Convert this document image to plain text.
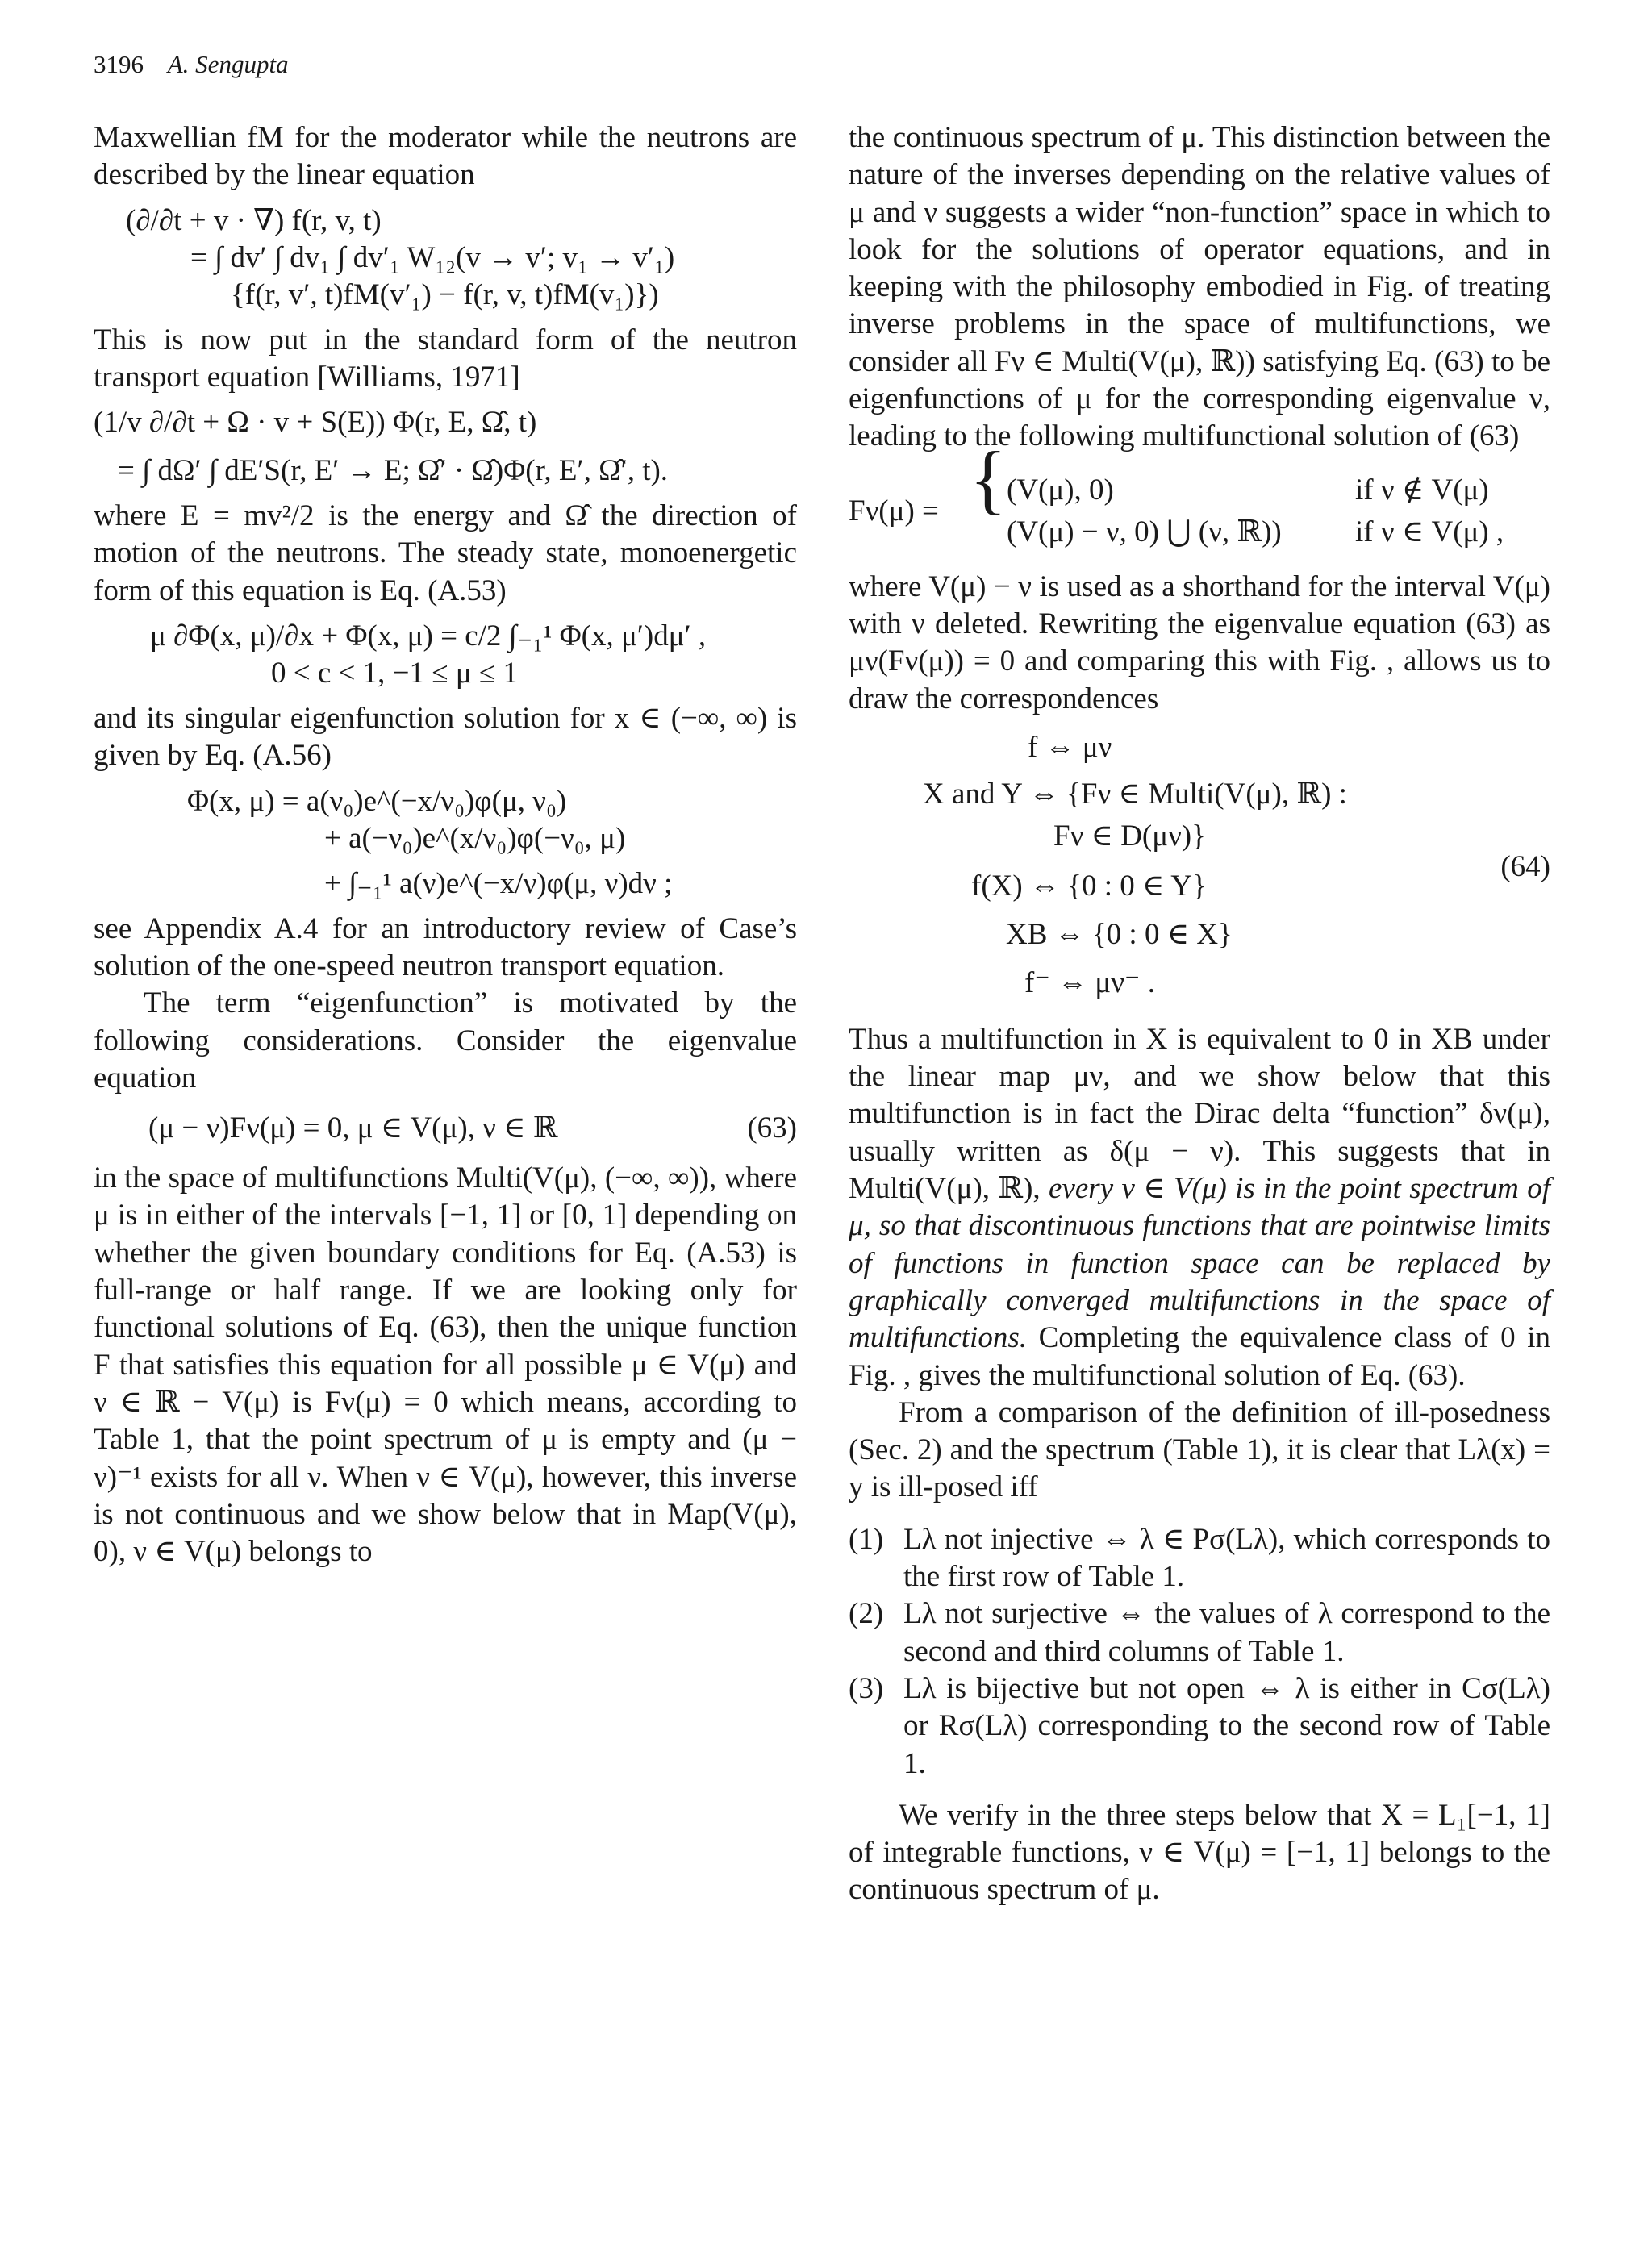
3196 A. Sengupta

Maxwellian fM for the moderator while the neutrons are described by the linear equation

(∂/∂t + v · ∇) f(r, v, t)
= ∫ dv′ ∫ dv₁ ∫ dv′₁ W₁₂(v → v′; v₁ → v′₁)
{f(r, v′, t)fM(v′₁) − f(r, v, t)fM(v₁)})

This is now put in the standard form of the neutron transport equation [Williams, 1971]

(1/v ∂/∂t + Ω · v + S(E)) Φ(r, E, Ω̂, t)
= ∫ dΩ′ ∫ dE′S(r, E′ → E; Ω̂′ · Ω̂)Φ(r, E′, Ω̂′, t).

where E = mv²/2 is the energy and Ω̂ the direction of motion of the neutrons. The steady state, monoenergetic form of this equation is Eq. (A.53)

μ ∂Φ(x, μ)/∂x + Φ(x, μ) = c/2 ∫₋₁¹ Φ(x, μ′)dμ′ ,
0 < c < 1, −1 ≤ μ ≤ 1

and its singular eigenfunction solution for x ∈ (−∞, ∞) is given by Eq. (A.56)

Φ(x, μ) = a(ν₀)e^(−x/ν₀)φ(μ, ν₀)
+ a(−ν₀)e^(x/ν₀)φ(−ν₀, μ)
+ ∫₋₁¹ a(ν)e^(−x/ν)φ(μ, ν)dν ;

see Appendix A.4 for an introductory review of Case’s solution of the one-speed neutron transport equation.

The term “eigenfunction” is motivated by the following considerations. Consider the eigenvalue equation

(μ − ν)Fν(μ) = 0, μ ∈ V(μ), ν ∈ ℝ	(63)

in the space of multifunctions Multi(V(μ), (−∞, ∞)), where μ is in either of the intervals [−1, 1] or [0, 1] depending on whether the given boundary conditions for Eq. (A.53) is full-range or half range. If we are looking only for functional solutions of Eq. (63), then the unique function F that satisfies this equation for all possible μ ∈ V(μ) and ν ∈ ℝ − V(μ) is Fν(μ) = 0 which means, according to Table 1, that the point spectrum of μ is empty and (μ − ν)⁻¹ exists for all ν. When ν ∈ V(μ), however, this inverse is not continuous and we show below that in Map(V(μ), 0), ν ∈ V(μ) belongs to

the continuous spectrum of μ. This distinction between the nature of the inverses depending on the relative values of μ and ν suggests a wider “non-function” space in which to look for the solutions of operator equations, and in keeping with the philosophy embodied in Fig. of treating inverse problems in the space of multifunctions, we consider all Fν ∈ Multi(V(μ), ℝ)) satisfying Eq. (63) to be eigenfunctions of μ for the corresponding eigenvalue ν, leading to the following multifunctional solution of (63)

Fν(μ) = { (V(μ), 0)	if ν ∉ V(μ)
(V(μ) − ν, 0) ⋃ (ν, ℝ)) if ν ∈ V(μ) ,

where V(μ) − ν is used as a shorthand for the interval V(μ) with ν deleted. Rewriting the eigenvalue equation (63) as μν(Fν(μ)) = 0 and comparing this with Fig. , allows us to draw the correspondences

f ⇔ μν
X and Y ⇔ {Fν ∈ Multi(V(μ), ℝ) :
Fν ∈ D(μν)}
f(X) ⇔ {0 : 0 ∈ Y}
XB ⇔ {0 : 0 ∈ X}
f⁻ ⇔ μν⁻ .
(64)

Thus a multifunction in X is equivalent to 0 in XB under the linear map μν, and we show below that this multifunction is in fact the Dirac delta “function” δν(μ), usually written as δ(μ − ν). This suggests that in Multi(V(μ), ℝ), every ν ∈ V(μ) is in the point spectrum of μ, so that discontinuous functions that are pointwise limits of functions in function space can be replaced by graphically converged multifunctions in the space of multifunctions. Completing the equivalence class of 0 in Fig. , gives the multifunctional solution of Eq. (63).

From a comparison of the definition of ill-posedness (Sec. 2) and the spectrum (Table 1), it is clear that Lλ(x) = y is ill-posed iff

(1) Lλ not injective ⇔ λ ∈ Pσ(Lλ), which corresponds to the first row of Table 1.
(2) Lλ not surjective ⇔ the values of λ correspond to the second and third columns of Table 1.
(3) Lλ is bijective but not open ⇔ λ is either in Cσ(Lλ) or Rσ(Lλ) corresponding to the second row of Table 1.

We verify in the three steps below that X = L₁[−1, 1] of integrable functions, ν ∈ V(μ) = [−1, 1] belongs to the continuous spectrum of μ.
